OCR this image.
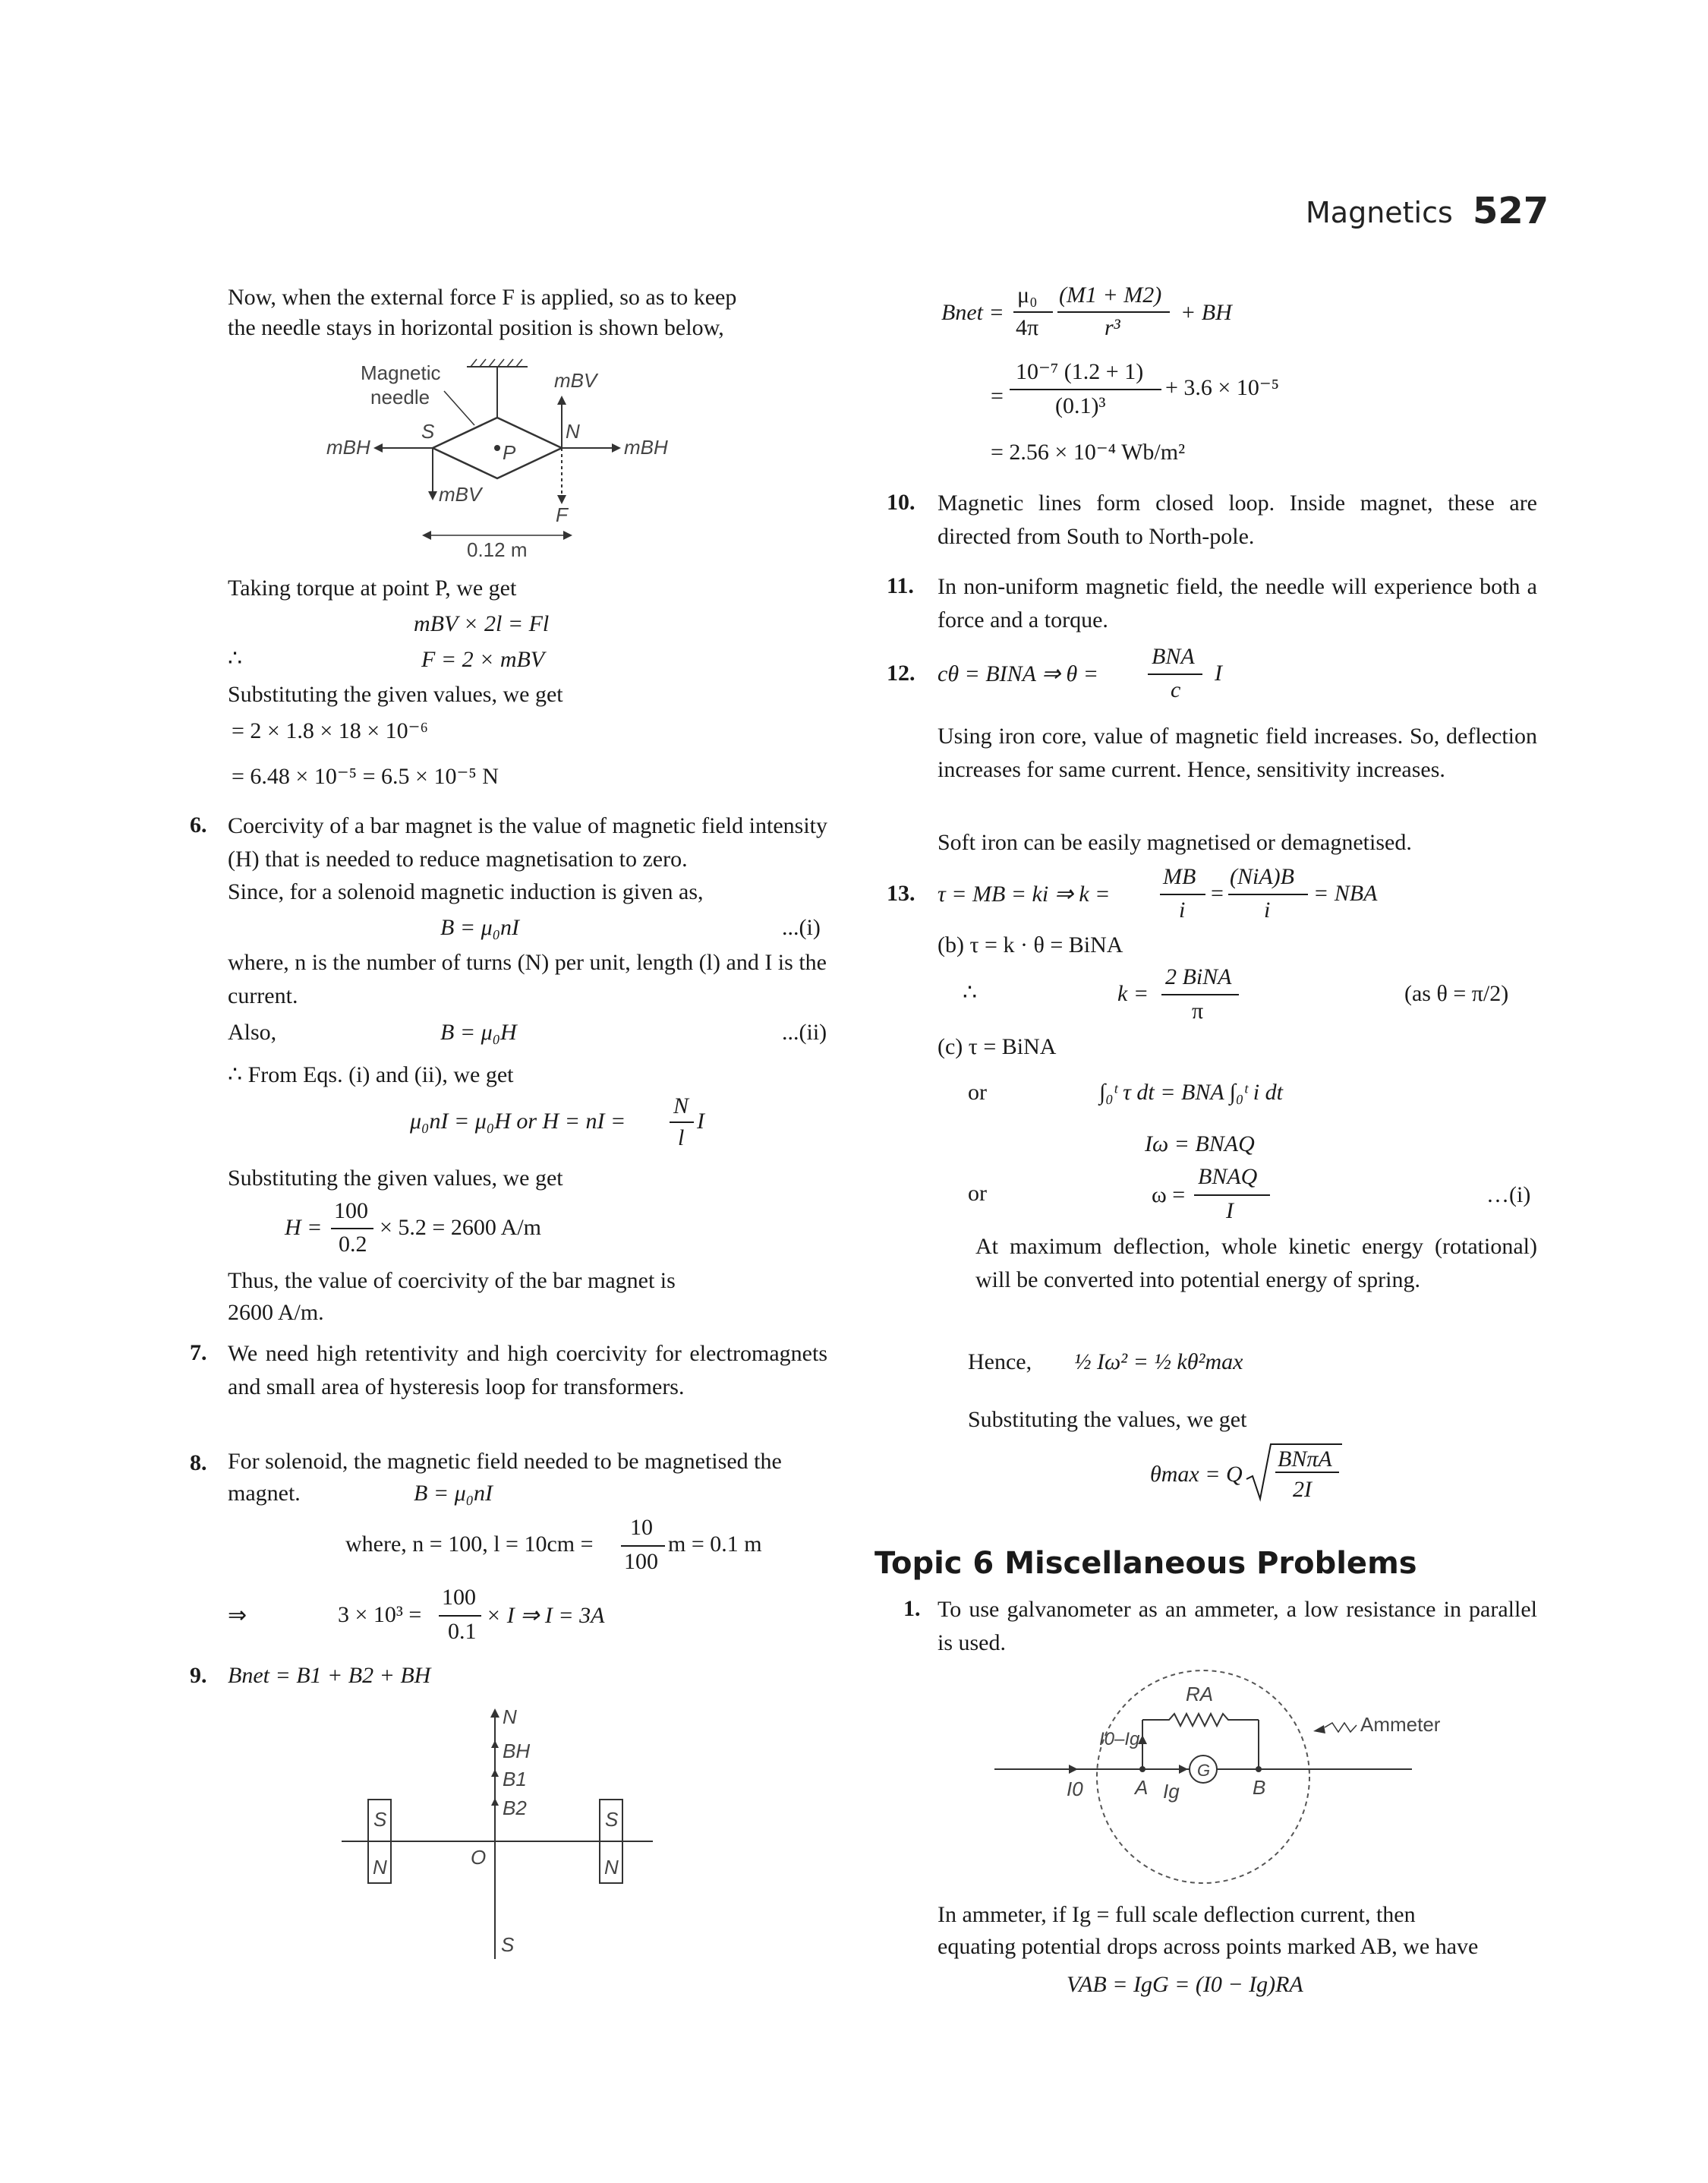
Magnetics 527
Now, when the external force F is applied, so as to keep
the needle stays in horizontal position is shown below,
Magnetic
needle
mBV
mBH	mBH
S	N
P
mBV
F
0.12 m
Taking torque at point P, we get
mBV × 2l = Fl
∴	F = 2 × mBV
Substituting the given values, we get
= 2 × 1.8 × 18 × 10⁻⁶
= 6.48 × 10⁻⁵ = 6.5 × 10⁻⁵ N
6. Coercivity of a bar magnet is the value of magnetic field intensity (H) that is needed to reduce magnetisation to zero.
Since, for a solenoid magnetic induction is given as,
B = μ₀nI	...(i)
where, n is the number of turns (N) per unit, length (l) and I is the current.
Also,	B = μ₀H	...(ii)
∴ From Eqs. (i) and (ii), we get
μ₀nI = μ₀H or H = nI =
N
l
I
Substituting the given values, we get
H =
100
0.2
× 5.2 = 2600 A/m
Thus, the value of coercivity of the bar magnet is
2600 A/m.
7. We need high retentivity and high coercivity for electromagnets and small area of hysteresis loop for transformers.
8. For solenoid, the magnetic field needed to be magnetised the
magnet.	B = μ₀nI
where, n = 100, l = 10cm =
10
100
m = 0.1 m
⇒	3 × 10³ =
100
0.1
× I ⇒ I = 3A
9. Bnet = B1 + B2 + BH
N
BH
B1
B2
O
S
S
N
S
N
Bnet =
μ₀
4π
(M1 + M2)
r³
+ BH
=
10⁻⁷ (1.2 + 1)
(0.1)³
+ 3.6 × 10⁻⁵
= 2.56 × 10⁻⁴ Wb/m²
10. Magnetic lines form closed loop. Inside magnet, these are directed from South to North-pole.
11. In non-uniform magnetic field, the needle will experience both a force and a torque.
12. cθ = BINA ⇒ θ =
BNA
c
I
Using iron core, value of magnetic field increases. So, deflection increases for same current. Hence, sensitivity increases.
Soft iron can be easily magnetised or demagnetised.
13. τ = MB = ki ⇒ k =
MB
i
=
(NiA)B
i
= NBA
(b) τ = k · θ = BiNA
∴	k =
2 BiNA
π
(as θ = π/2)
(c) τ = BiNA
or	∫₀ᵗ τ dt = BNA ∫₀ᵗ i dt
Iω = BNAQ
or	ω =
BNAQ
I
…(i)
At maximum deflection, whole kinetic energy (rotational) will be converted into potential energy of spring.
Hence, ½ Iω² = ½ kθ²max
Substituting the values, we get
θmax = Q
BNπA
2I
Topic 6 Miscellaneous Problems
1. To use galvanometer as an ammeter, a low resistance in parallel is used.
RA
Ammeter
I0–Ig
G
I0	A Ig	B
In ammeter, if Ig = full scale deflection current, then
equating potential drops across points marked AB, we have
VAB = IgG = (I0 − Ig)RA
